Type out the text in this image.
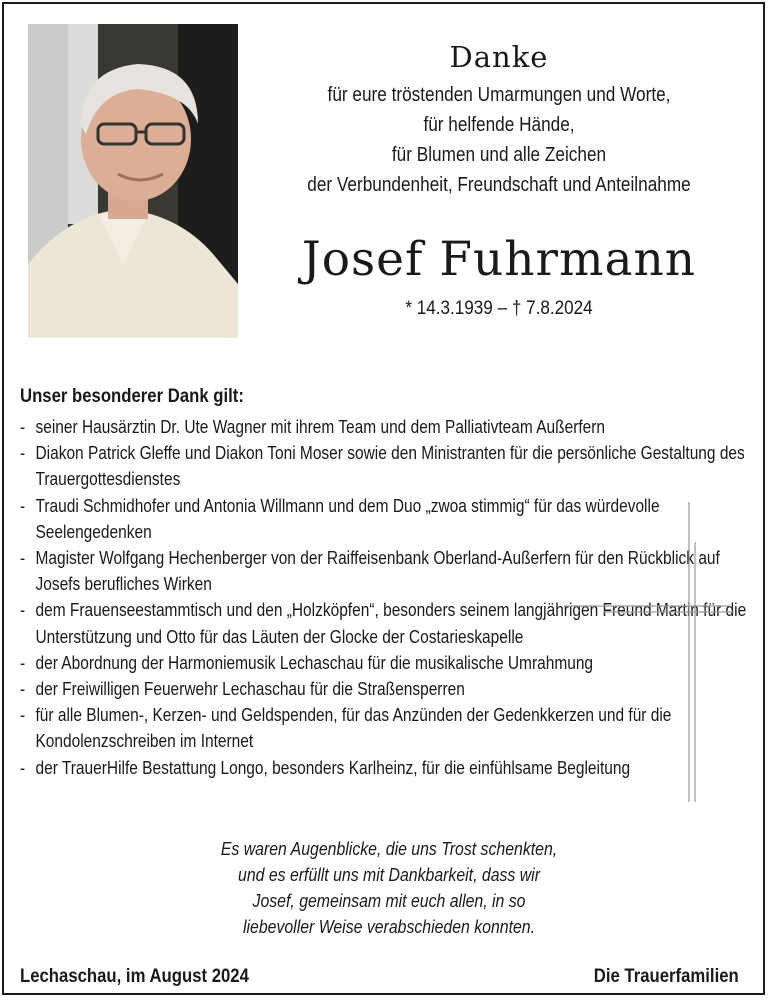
Danke
für eure tröstenden Umarmungen und Worte,
für helfende Hände,
für Blumen und alle Zeichen
der Verbundenheit, Freundschaft und Anteilnahme
Josef Fuhrmann
* 14.3.1939 – † 7.8.2024
Unser besonderer Dank gilt:
- seiner Hausärztin Dr. Ute Wagner mit ihrem Team und dem Palliativteam Außerfern
- Diakon Patrick Gleffe und Diakon Toni Moser sowie den Ministranten für die persönliche Gestaltung des Trauergottesdienstes
- Traudi Schmidhofer und Antonia Willmann und dem Duo „zwoa stimmig“ für das würdevolle Seelengedenken
- Magister Wolfgang Hechenberger von der Raiffeisenbank Oberland-Außerfern für den Rückblick auf Josefs berufliches Wirken
- dem Frauenseestammtisch und den „Holzköpfen“, besonders seinem langjährigen Freund Martin für die Unterstützung und Otto für das Läuten der Glocke der Costarieskapelle
- der Abordnung der Harmoniemusik Lechaschau für die musikalische Umrahmung
- der Freiwilligen Feuerwehr Lechaschau für die Straßensperren
- für alle Blumen-, Kerzen- und Geldspenden, für das Anzünden der Gedenkkerzen und für die Kondolenzschreiben im Internet
- der TrauerHilfe Bestattung Longo, besonders Karlheinz, für die einfühlsame Begleitung
Es waren Augenblicke, die uns Trost schenkten,
und es erfüllt uns mit Dankbarkeit, dass wir
Josef, gemeinsam mit euch allen, in so
liebevoller Weise verabschieden konnten.
Lechaschau, im August 2024	Die Trauerfamilien
